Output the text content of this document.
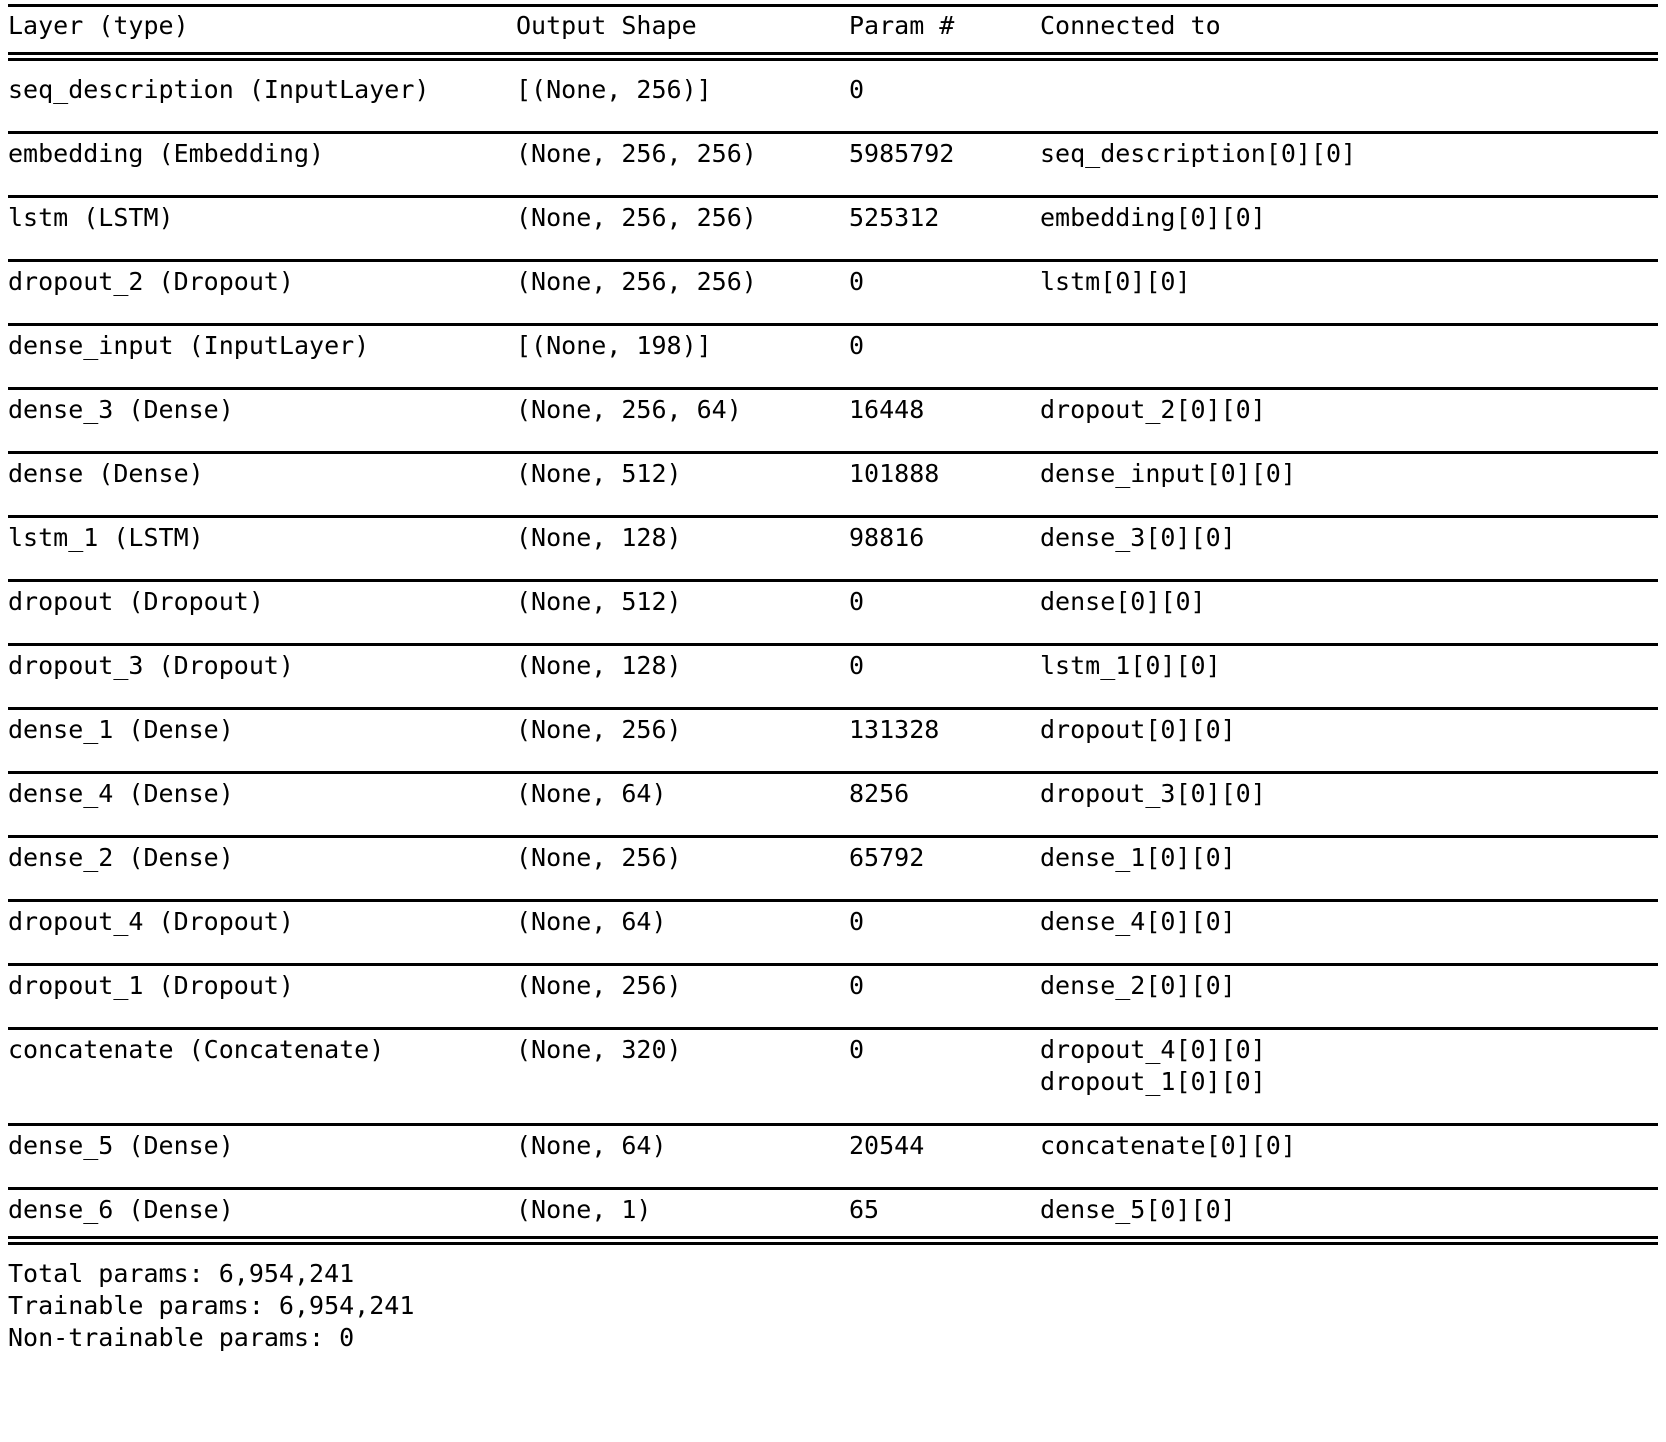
Layer (type)	Output Shape	Param #	Connected to
seq_description (InputLayer)	[(None, 256)]	0
embedding (Embedding)	(None, 256, 256)	5985792	seq_description[0][0]
lstm (LSTM)	(None, 256, 256)	525312	embedding[0][0]
dropout_2 (Dropout)	(None, 256, 256)	0	lstm[0][0]
dense_input (InputLayer)	[(None, 198)]	0
dense_3 (Dense)	(None, 256, 64)	16448	dropout_2[0][0]
dense (Dense)	(None, 512)	101888	dense_input[0][0]
lstm_1 (LSTM)	(None, 128)	98816	dense_3[0][0]
dropout (Dropout)	(None, 512)	0	dense[0][0]
dropout_3 (Dropout)	(None, 128)	0	lstm_1[0][0]
dense_1 (Dense)	(None, 256)	131328	dropout[0][0]
dense_4 (Dense)	(None, 64)	8256	dropout_3[0][0]
dense_2 (Dense)	(None, 256)	65792	dense_1[0][0]
dropout_4 (Dropout)	(None, 64)	0	dense_4[0][0]
dropout_1 (Dropout)	(None, 256)	0	dense_2[0][0]
concatenate (Concatenate)	(None, 320)	0	dropout_4[0][0]
dropout_1[0][0]
dense_5 (Dense)	(None, 64)	20544	concatenate[0][0]
dense_6 (Dense)	(None, 1)	65	dense_5[0][0]
Total params: 6,954,241
Trainable params: 6,954,241
Non-trainable params: 0
